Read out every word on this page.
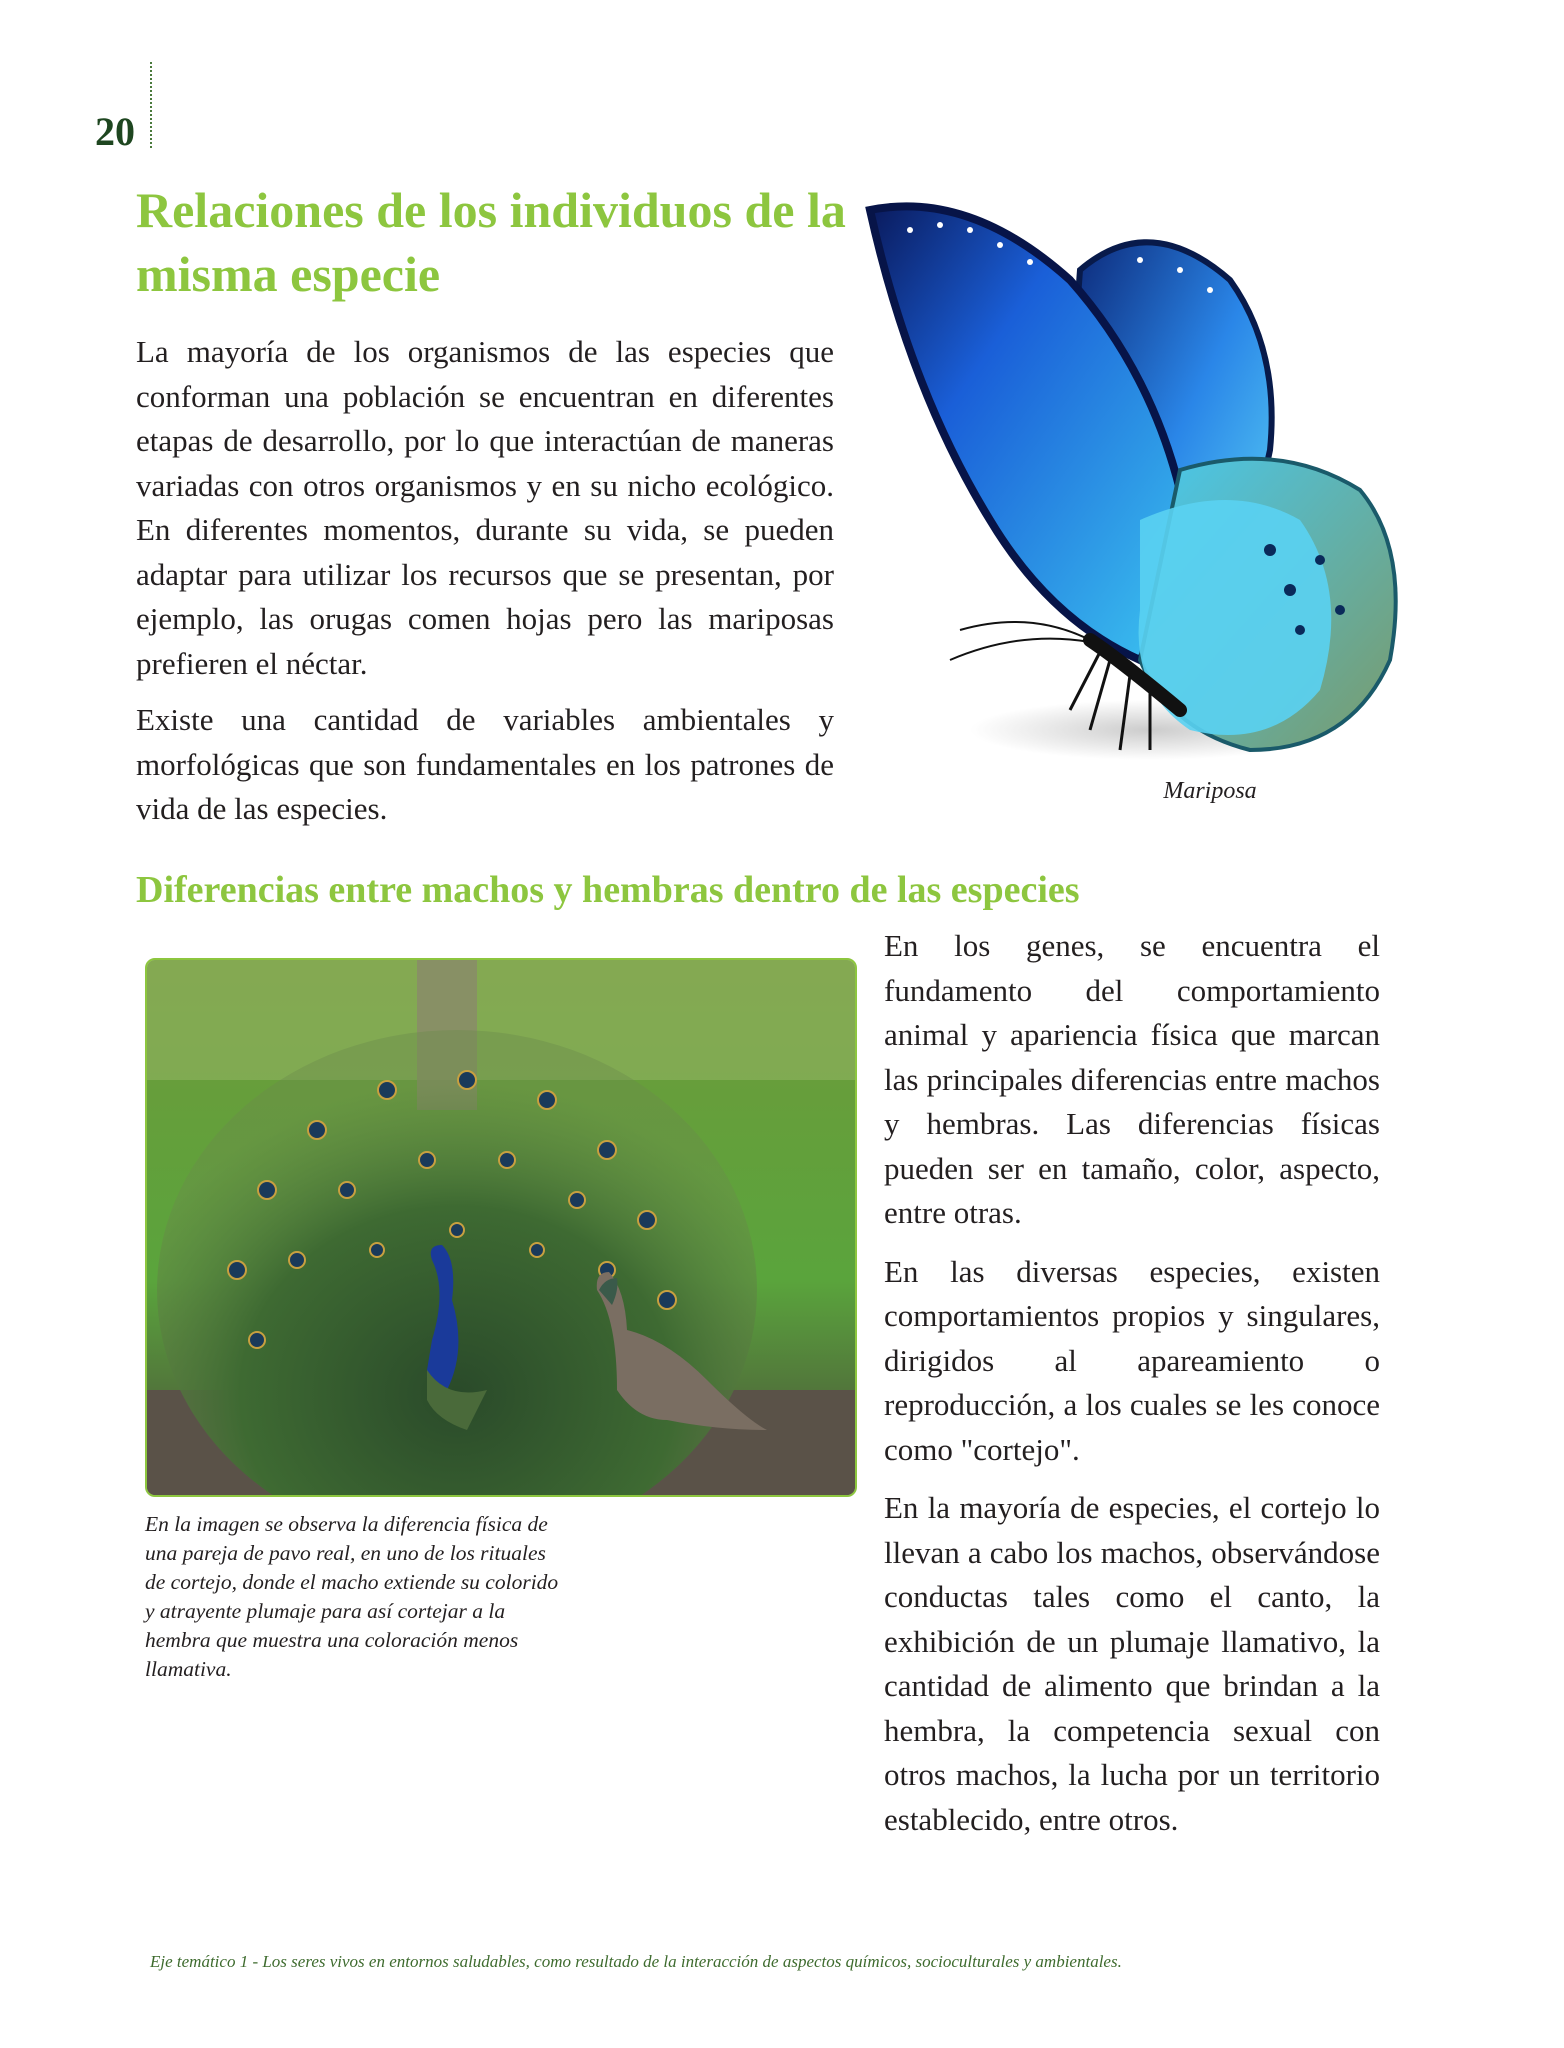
20
Relaciones de los individuos de la misma especie

La mayoría de los organismos de las especies que conforman una población se encuentran en diferentes etapas de desarrollo, por lo que interactúan de maneras variadas con otros organismos y en su nicho ecológico. En diferentes momentos, durante su vida, se pueden adaptar para utilizar los recursos que se presentan, por ejemplo, las orugas comen hojas pero las mariposas prefieren el néctar.

Existe una cantidad de variables ambientales y morfológicas que son fundamentales en los patrones de vida de las especies.	Mariposa
Diferencias entre machos y hembras dentro de las especies

En la imagen se observa la diferencia física de una pareja de pavo real, en uno de los rituales de cortejo, donde el macho extiende su colorido y atrayente plumaje para así cortejar a la hembra que muestra una coloración menos llamativa.

En los genes, se encuentra el fundamento del comportamiento animal y apariencia física que marcan las principales diferencias entre machos y hembras. Las diferencias físicas pueden ser en tamaño, color, aspecto, entre otras.

En las diversas especies, existen comportamientos propios y singulares, dirigidos al apareamiento o reproducción, a los cuales se les conoce como "cortejo".

En la mayoría de especies, el cortejo lo llevan a cabo los machos, observándose conductas tales como el canto, la exhibición de un plumaje llamativo, la cantidad de alimento que brindan a la hembra, la competencia sexual con otros machos, la lucha por un territorio establecido, entre otros.

Eje temático 1 - Los seres vivos en entornos saludables, como resultado de la interacción de aspectos químicos, socioculturales y ambientales.
